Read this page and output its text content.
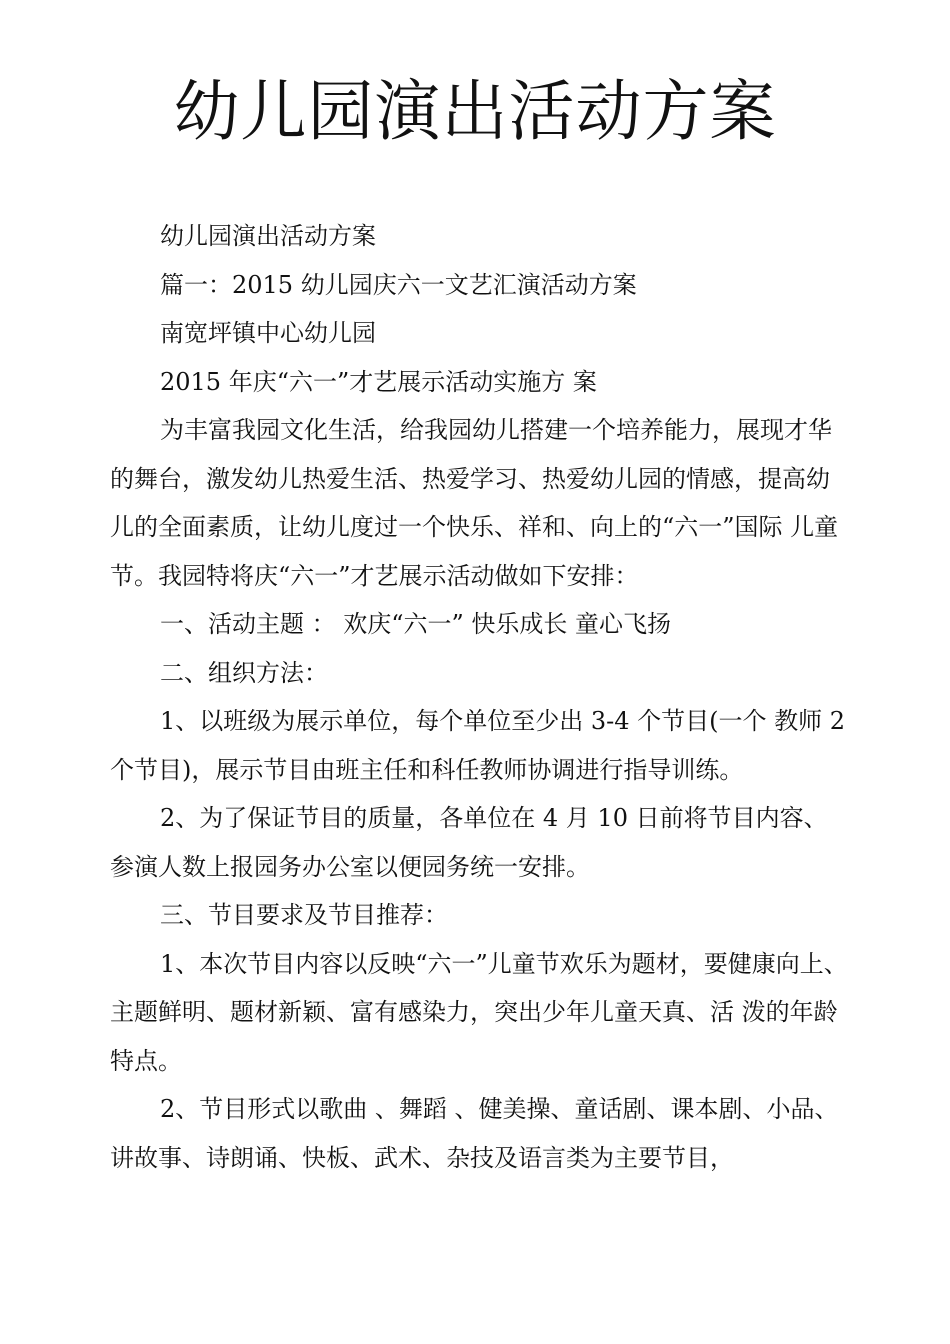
幼儿园演出活动方案

幼儿园演出活动方案

篇一：2015 幼儿园庆六一文艺汇演活动方案

南宽坪镇中心幼儿园

2015 年庆“六一”才艺展示活动实施方 案

为丰富我园文化生活，给我园幼儿搭建一个培养能力，展现才华的舞台，激发幼儿热爱生活、热爱学习、热爱幼儿园的情感，提高幼儿的全面素质，让幼儿度过一个快乐、祥和、向上的“六一”国际 儿童节。我园特将庆“六一”才艺展示活动做如下安排：

一、活动主题 ： 欢庆“六一” 快乐成长 童心飞扬

二、组织方法：

1、以班级为展示单位，每个单位至少出 3-4 个节目(一个 教师 2 个节目)，展示节目由班主任和科任教师协调进行指导训练。

2、为了保证节目的质量，各单位在 4 月 10 日前将节目内容、参演人数上报园务办公室以便园务统一安排。

三、节目要求及节目推荐：

1、本次节目内容以反映“六一”儿童节欢乐为题材，要健康向上、主题鲜明、题材新颖、富有感染力，突出少年儿童天真、活 泼的年龄特点。

2、节目形式以歌曲 、舞蹈 、健美操、童话剧、课本剧、小品、讲故事、诗朗诵、快板、武术、杂技及语言类为主要节目，
